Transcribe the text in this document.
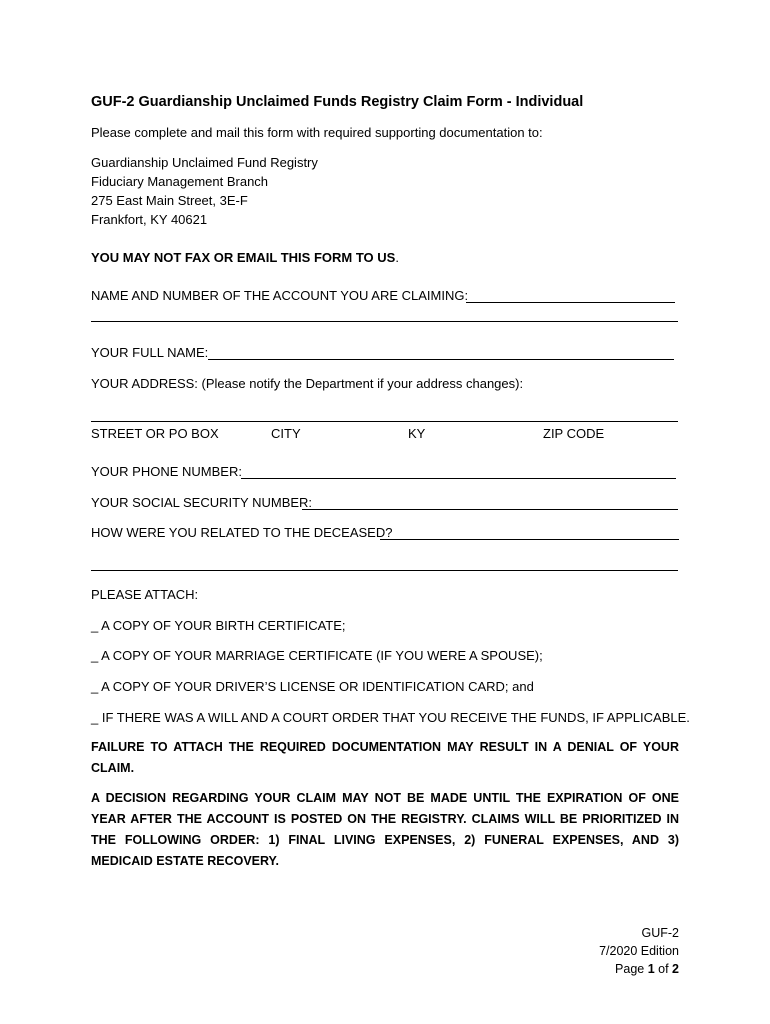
GUF-2 Guardianship Unclaimed Funds Registry Claim Form - Individual
Please complete and mail this form with required supporting documentation to:
Guardianship Unclaimed Fund Registry
Fiduciary Management Branch
275 East Main Street, 3E-F
Frankfort, KY 40621
YOU MAY NOT FAX OR EMAIL THIS FORM TO US.
NAME AND NUMBER OF THE ACCOUNT YOU ARE CLAIMING:
YOUR FULL NAME:
YOUR ADDRESS: (Please notify the Department if your address changes):
STREET OR PO BOX	CITY	KY	ZIP CODE
YOUR PHONE NUMBER:
YOUR SOCIAL SECURITY NUMBER:
HOW WERE YOU RELATED TO THE DECEASED?
PLEASE ATTACH:
_ A COPY OF YOUR BIRTH CERTIFICATE;
_ A COPY OF YOUR MARRIAGE CERTIFICATE (IF YOU WERE A SPOUSE);
_ A COPY OF YOUR DRIVER’S LICENSE OR IDENTIFICATION CARD; and
_ IF THERE WAS A WILL AND A COURT ORDER THAT YOU RECEIVE THE FUNDS, IF APPLICABLE.
FAILURE TO ATTACH THE REQUIRED DOCUMENTATION MAY RESULT IN A DENIAL OF YOUR CLAIM.
A DECISION REGARDING YOUR CLAIM MAY NOT BE MADE UNTIL THE EXPIRATION OF ONE YEAR AFTER THE ACCOUNT IS POSTED ON THE REGISTRY. CLAIMS WILL BE PRIORITIZED IN THE FOLLOWING ORDER: 1) FINAL LIVING EXPENSES, 2) FUNERAL EXPENSES, AND 3) MEDICAID ESTATE RECOVERY.
GUF-2
7/2020 Edition
Page 1 of 2
